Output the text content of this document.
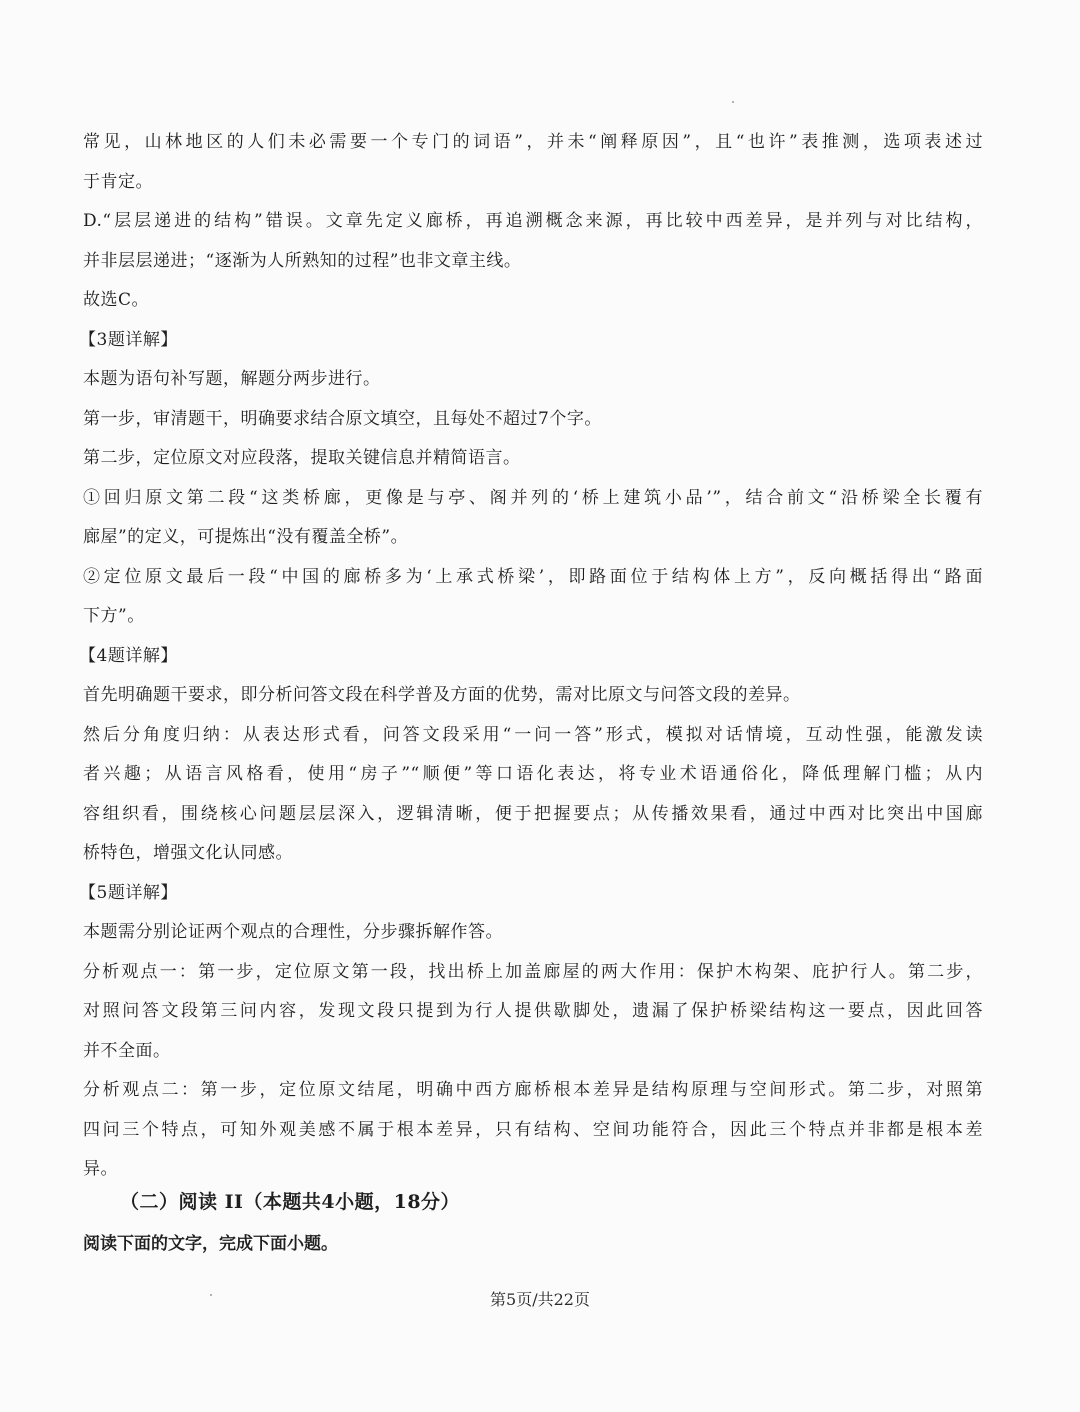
常见，山林地区的人们未必需要一个专门的词语”，并未“阐释原因”，且“也许”表推测，选项表述过
于肯定。
D.“层层递进的结构”错误。文章先定义廊桥，再追溯概念来源，再比较中西差异，是并列与对比结构，
并非层层递进；“逐渐为人所熟知的过程”也非文章主线。
故选C。
【3题详解】
本题为语句补写题，解题分两步进行。
第一步，审清题干，明确要求结合原文填空，且每处不超过7个字。
第二步，定位原文对应段落，提取关键信息并精简语言。
①回归原文第二段“这类桥廊，更像是与亭、阁并列的‘桥上建筑小品’”，结合前文“沿桥梁全长覆有
廊屋”的定义，可提炼出“没有覆盖全桥”。
②定位原文最后一段“中国的廊桥多为‘上承式桥梁’，即路面位于结构体上方”，反向概括得出“路面
下方”。
【4题详解】
首先明确题干要求，即分析问答文段在科学普及方面的优势，需对比原文与问答文段的差异。
然后分角度归纳：从表达形式看，问答文段采用“一问一答”形式，模拟对话情境，互动性强，能激发读
者兴趣；从语言风格看，使用“房子”“顺便”等口语化表达，将专业术语通俗化，降低理解门槛；从内
容组织看，围绕核心问题层层深入，逻辑清晰，便于把握要点；从传播效果看，通过中西对比突出中国廊
桥特色，增强文化认同感。
【5题详解】
本题需分别论证两个观点的合理性，分步骤拆解作答。
分析观点一：第一步，定位原文第一段，找出桥上加盖廊屋的两大作用：保护木构架、庇护行人。第二步，
对照问答文段第三问内容，发现文段只提到为行人提供歇脚处，遗漏了保护桥梁结构这一要点，因此回答
并不全面。
分析观点二：第一步，定位原文结尾，明确中西方廊桥根本差异是结构原理与空间形式。第二步，对照第
四问三个特点，可知外观美感不属于根本差异，只有结构、空间功能符合，因此三个特点并非都是根本差
异。
（二）阅读 II（本题共4小题，18分）
阅读下面的文字，完成下面小题。
第5页/共22页
